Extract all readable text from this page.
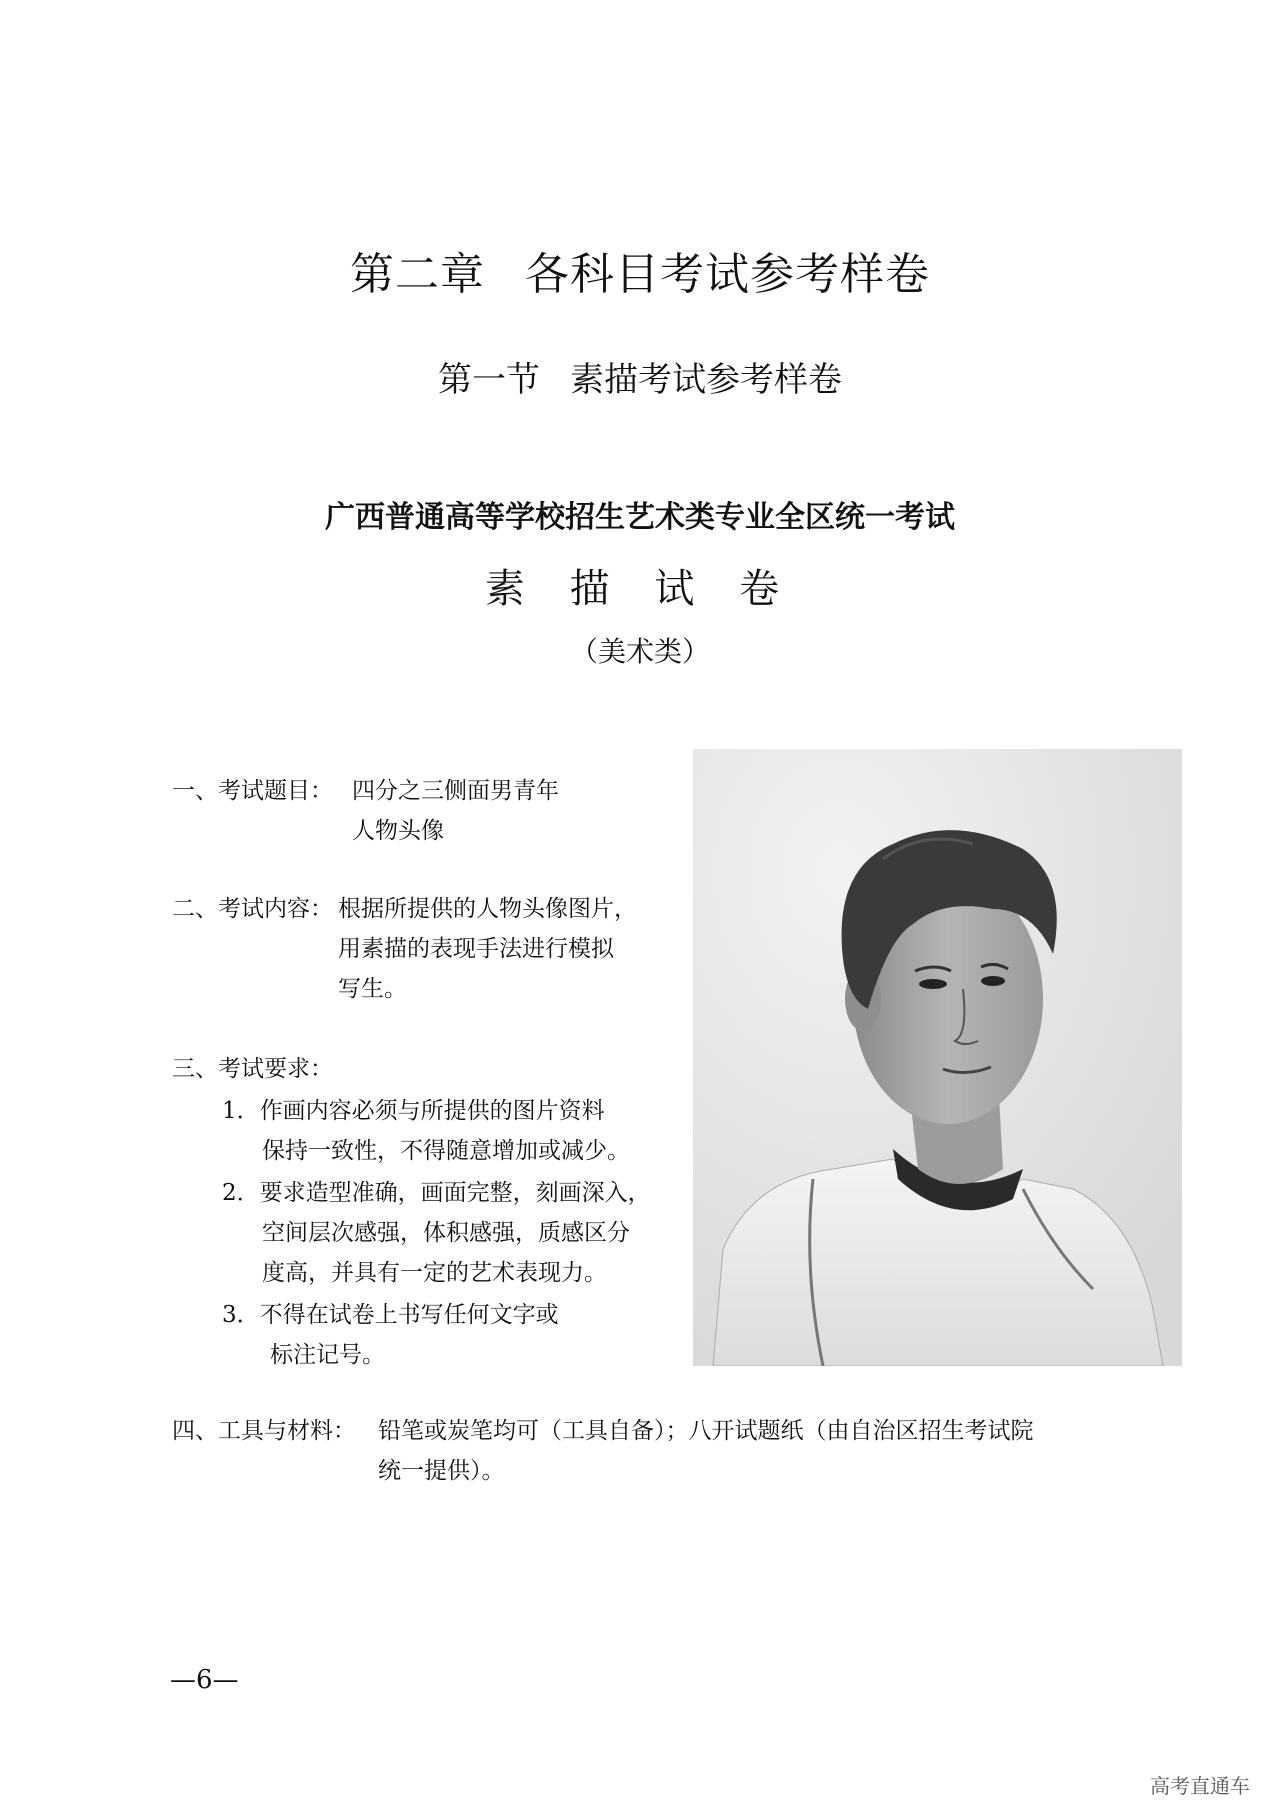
第二章 各科目考试参考样卷
第一节 素描考试参考样卷
广西普通高等学校招生艺术类专业全区统一考试
素 描 试 卷
（美术类）
一、考试题目： 四分之三侧面男青年
人物头像
二、考试内容： 根据所提供的人物头像图片，
用素描的表现手法进行模拟
写生。
三、考试要求：
1．作画内容必须与所提供的图片资料
保持一致性，不得随意增加或减少。
2．要求造型准确，画面完整，刻画深入，
空间层次感强，体积感强，质感区分
度高，并具有一定的艺术表现力。
3．不得在试卷上书写任何文字或
标注记号。
四、工具与材料： 铅笔或炭笔均可（工具自备）；八开试题纸（由自治区招生考试院
统一提供）。
—6—
高考直通车
